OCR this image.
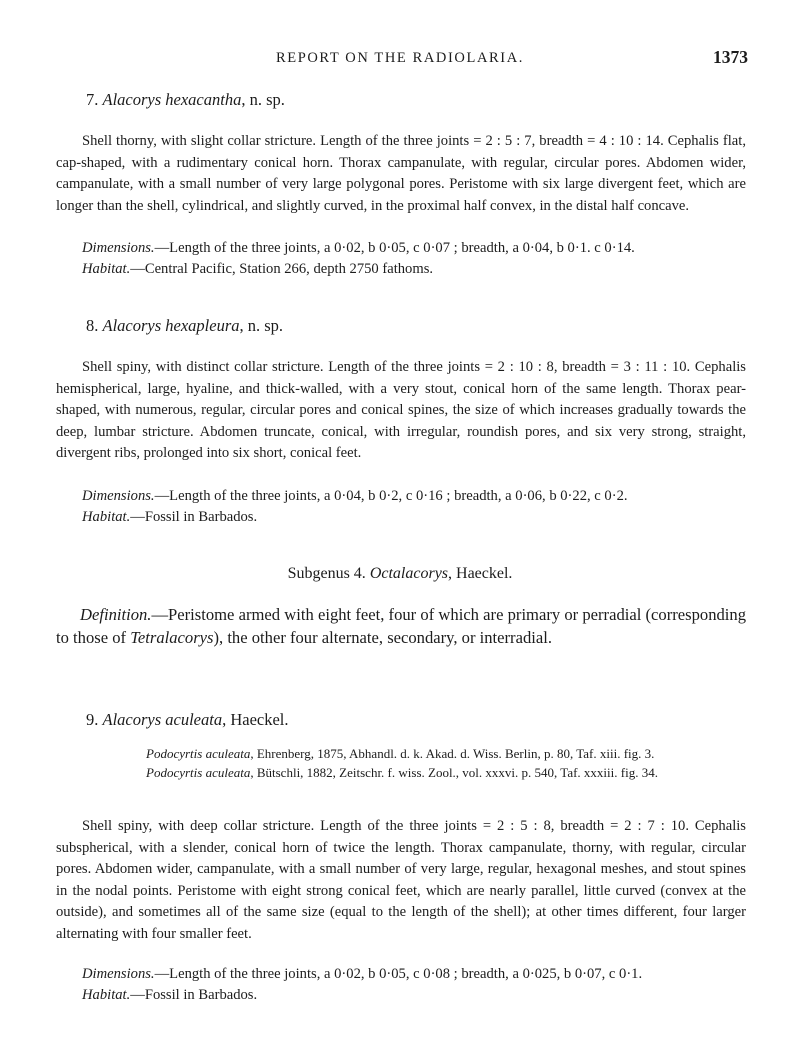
REPORT ON THE RADIOLARIA.	1373
7. Alacorys hexacantha, n. sp.

Shell thorny, with slight collar stricture. Length of the three joints = 2 : 5 : 7, breadth = 4 : 10 : 14. Cephalis flat, cap-shaped, with a rudimentary conical horn. Thorax campanulate, with regular, circular pores. Abdomen wider, campanulate, with a small number of very large polygonal pores. Peristome with six large divergent feet, which are longer than the shell, cylindrical, and slightly curved, in the proximal half convex, in the distal half concave.

Dimensions.—Length of the three joints, a 0·02, b 0·05, c 0·07 ; breadth, a 0·04, b 0·1. c 0·14.
Habitat.—Central Pacific, Station 266, depth 2750 fathoms.
8. Alacorys hexapleura, n. sp.

Shell spiny, with distinct collar stricture. Length of the three joints = 2 : 10 : 8, breadth = 3 : 11 : 10. Cephalis hemispherical, large, hyaline, and thick-walled, with a very stout, conical horn of the same length. Thorax pear-shaped, with numerous, regular, circular pores and conical spines, the size of which increases gradually towards the deep, lumbar stricture. Abdomen truncate, conical, with irregular, roundish pores, and six very strong, straight, divergent ribs, prolonged into six short, conical feet.

Dimensions.—Length of the three joints, a 0·04, b 0·2, c 0·16 ; breadth, a 0·06, b 0·22, c 0·2.
Habitat.—Fossil in Barbados.
Subgenus 4. Octalacorys, Haeckel.

Definition.—Peristome armed with eight feet, four of which are primary or perradial (corresponding to those of Tetralacorys), the other four alternate, secondary, or interradial.

9. Alacorys aculeata, Haeckel.

Podocyrtis aculeata, Ehrenberg, 1875, Abhandl. d. k. Akad. d. Wiss. Berlin, p. 80, Taf. xiii. fig. 3.

Podocyrtis aculeata, Bütschli, 1882, Zeitschr. f. wiss. Zool., vol. xxxvi. p. 540, Taf. xxxiii. fig. 34.

Shell spiny, with deep collar stricture. Length of the three joints = 2 : 5 : 8, breadth = 2 : 7 : 10. Cephalis subspherical, with a slender, conical horn of twice the length. Thorax campanulate, thorny, with regular, circular pores. Abdomen wider, campanulate, with a small number of very large, regular, hexagonal meshes, and stout spines in the nodal points. Peristome with eight strong conical feet, which are nearly parallel, little curved (convex at the outside), and sometimes all of the same size (equal to the length of the shell); at other times different, four larger alternating with four smaller feet.

Dimensions.—Length of the three joints, a 0·02, b 0·05, c 0·08 ; breadth, a 0·025, b 0·07, c 0·1.
Habitat.—Fossil in Barbados.
